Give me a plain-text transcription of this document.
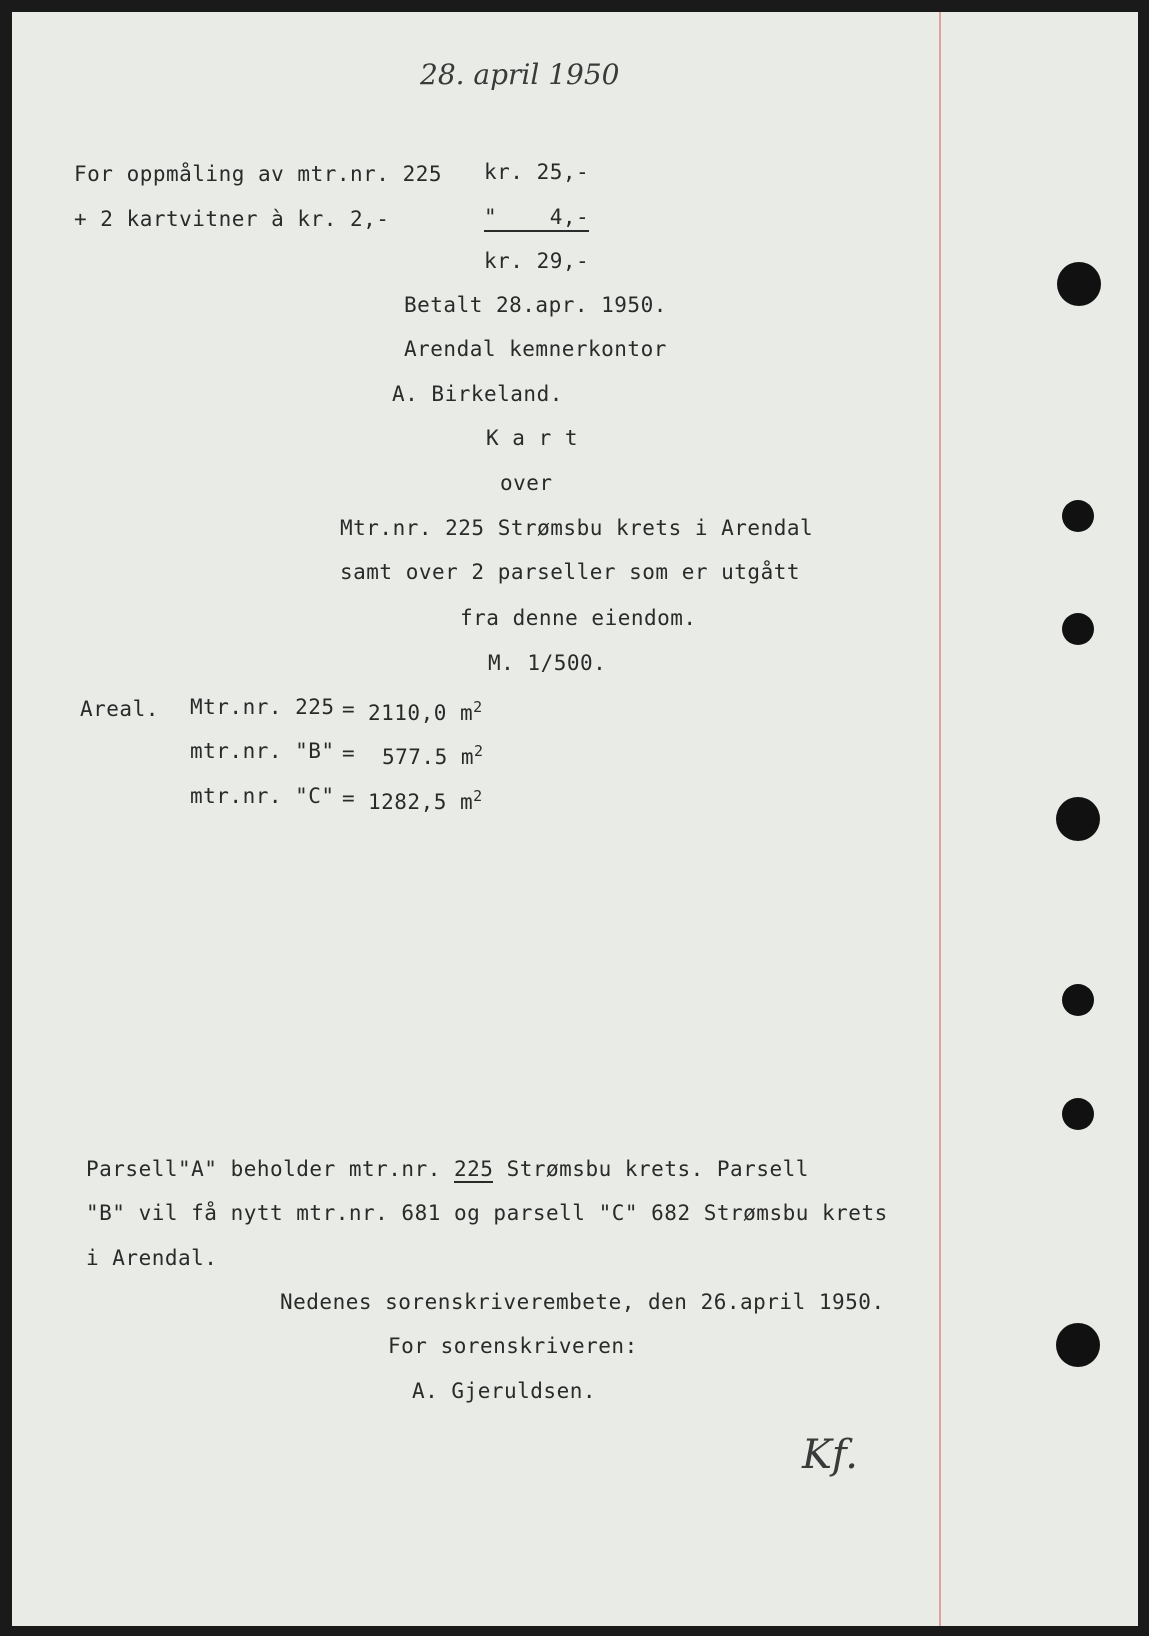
28. april 1950
For oppmåling av mtr.nr. 225 kr. 25,-
+ 2 kartvitner à kr. 2,-	"    4,-
kr. 29,-
Betalt 28.apr. 1950.
Arendal kemnerkontor
A. Birkeland.
K a r t
over
Mtr.nr. 225 Strømsbu krets i Arendal
samt over 2 parseller som er utgått
fra denne eiendom.
M. 1/500.
Areal. Mtr.nr. 225 = 2110,0 $m^2$
mtr.nr. "B" = 577.5 $m^2$
mtr.nr. "C" = 1282,5 $m^2$
Parsell"A" beholder mtr.nr. 225 Strømsbu krets. Parsell
"B" vil få nytt mtr.nr. 681 og parsell "C" 682 Strømsbu krets
i Arendal.
Nedenes sorenskriverembete, den 26.april 1950.
For sorenskriveren:
A. Gjeruldsen.
Kf.
